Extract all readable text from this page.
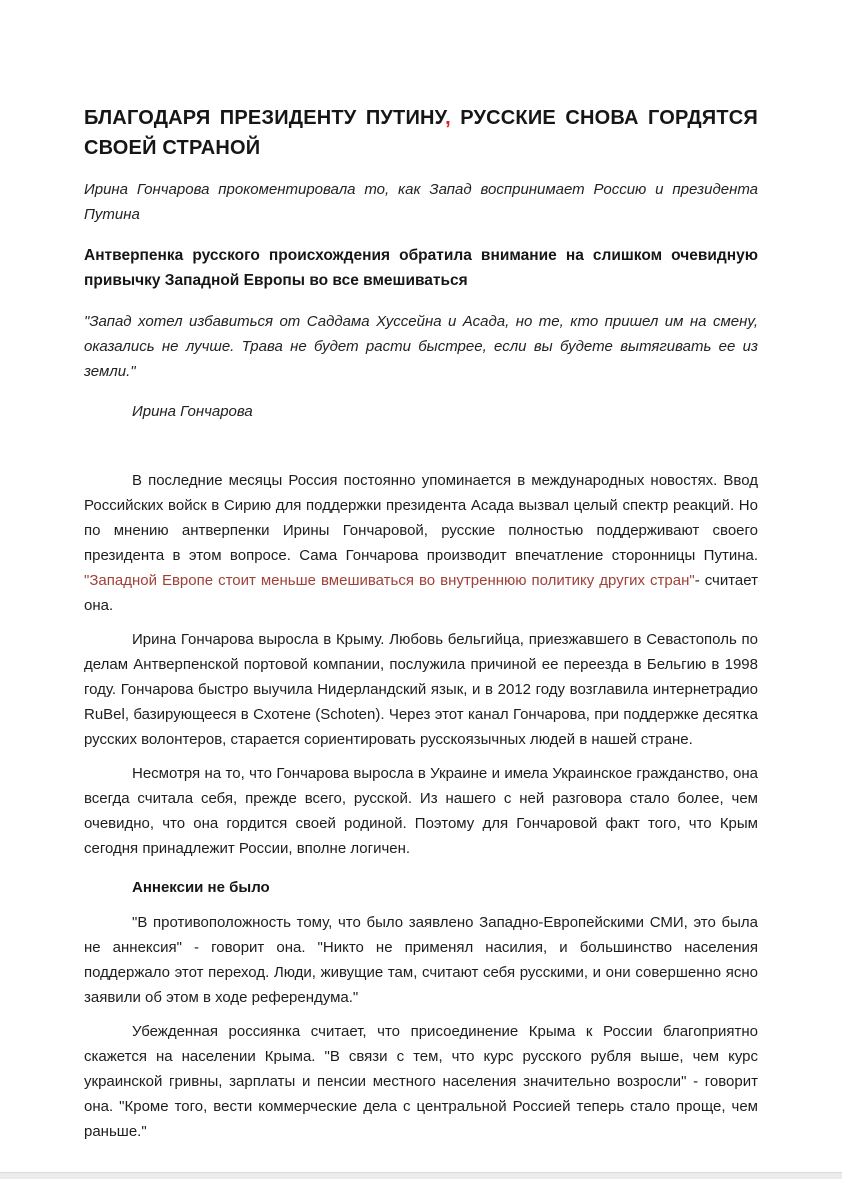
БЛАГОДАРЯ ПРЕЗИДЕНТУ ПУТИНУ, РУССКИЕ СНОВА ГОРДЯТСЯ СВОЕЙ СТРАНОЙ

Ирина Гончарова прокоментировала то, как Запад воспринимает Россию и президента Путина

Антверпенка русского происхождения обратила внимание на слишком очевидную привычку Западной Европы во все вмешиваться

"Запад хотел избавиться от Саддама Хуссейна и Асада, но те, кто пришел им на смену, оказались не лучше. Трава не будет расти быстрее, если вы будете вытягивать ее из земли."

Ирина Гончарова

В последние месяцы Россия постоянно упоминается в международных новостях. Ввод Российских войск в Сирию для поддержки президента Асада вызвал целый спектр реакций. Но по мнению антверпенки Ирины Гончаровой, русские полностью поддерживают своего президента в этом вопросе. Сама Гончарова производит впечатление сторонницы Путина. "Западной Европе стоит меньше вмешиваться во внутреннюю политику других стран"- считает она.

Ирина Гончарова выросла в Крыму. Любовь бельгийца, приезжавшего в Севастополь по делам Антверпенской портовой компании, послужила причиной ее переезда в Бельгию в 1998 году. Гончарова быстро выучила Нидерландский язык, и в 2012 году возглавила интернетрадио RuBel, базирующееся в Схотене (Schoten). Через этот канал Гончарова, при поддержке десятка русских волонтеров, старается сориентировать русскоязычных людей в нашей стране.

Несмотря на то, что Гончарова выросла в Украине и имела Украинское гражданство, она всегда считала себя, прежде всего, русской. Из нашего с ней разговора стало более, чем очевидно, что она гордится своей родиной. Поэтому для Гончаровой факт того, что Крым сегодня принадлежит России, вполне логичен.

Аннексии не было

"В противоположность тому, что было заявлено Западно-Европейскими СМИ, это была не аннексия" - говорит она. "Никто не применял насилия, и большинство населения поддержало этот переход. Люди, живущие там, считают себя русскими, и они совершенно ясно заявили об этом в ходе референдума."

Убежденная россиянка считает, что присоединение Крыма к России благоприятно скажется на населении Крыма. "В связи с тем, что курс русского рубля выше, чем курс украинской гривны, зарплаты и пенсии местного населения значительно возросли" - говорит она. "Кроме того, вести коммерческие дела с центральной Россией теперь стало проще, чем раньше."
